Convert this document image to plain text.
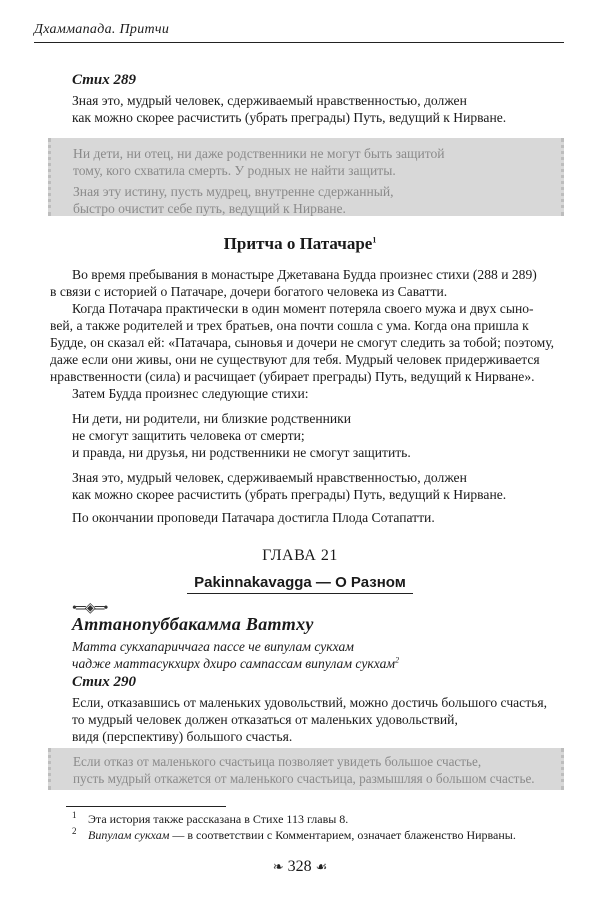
Дхаммапада. Притчи
Стих 289
Зная это, мудрый человек, сдерживаемый нравственностью, должен
как можно скорее расчистить (убрать преграды) Путь, ведущий к Нирване.
Ни дети, ни отец, ни даже родственники не могут быть защитой
тому, кого схватила смерть. У родных не найти защиты.
Зная эту истину, пусть мудрец, внутренне сдержанный,
быстро очистит себе путь, ведущий к Нирване.
Притча о Патачаре$^1$
Во время пребывания в монастыре Джетавана Будда произнес стихи (288 и 289)
в связи с историей о Патачаре, дочери богатого человека из Саватти.
Когда Потачара практически в один момент потеряла своего мужа и двух сыно-
вей, а также родителей и трех братьев, она почти сошла с ума. Когда она пришла к
Будде, он сказал ей: «Патачара, сыновья и дочери не смогут следить за тобой; поэтому,
даже если они живы, они не существуют для тебя. Мудрый человек придерживается
нравственности (сила) и расчищает (убирает преграды) Путь, ведущий к Нирване».
Затем Будда произнес следующие стихи:
Ни дети, ни родители, ни близкие родственники
не смогут защитить человека от смерти;
и правда, ни друзья, ни родственники не смогут защитить.
Зная это, мудрый человек, сдерживаемый нравственностью, должен
как можно скорее расчистить (убрать преграды) Путь, ведущий к Нирване.
По окончании проповеди Патачара достигла Плода Сотапатти.
ГЛАВА 21
Pakinnakavagga — О Разном
•═◈═•
Аттанопуббакамма Ваттху
Матта сукхапариччага пассе че випулам сукхам
чадже маттасукхирх дхиро сампассам випулам сукхам$^2$
Стих 290
Если, отказавшись от маленьких удовольствий, можно достичь большого счастья,
то мудрый человек должен отказаться от маленьких удовольствий,
видя (перспективу) большого счастья.
Если отказ от маленького счастьица позволяет увидеть большое счастье,
пусть мудрый откажется от маленького счастьица, размышляя о большом счастье.
1 Эта история также рассказана в Стихе 113 главы 8.
2 Випулам сукхам — в соответствии с Комментарием, означает блаженство Нирваны.
❧ 328 ☙
